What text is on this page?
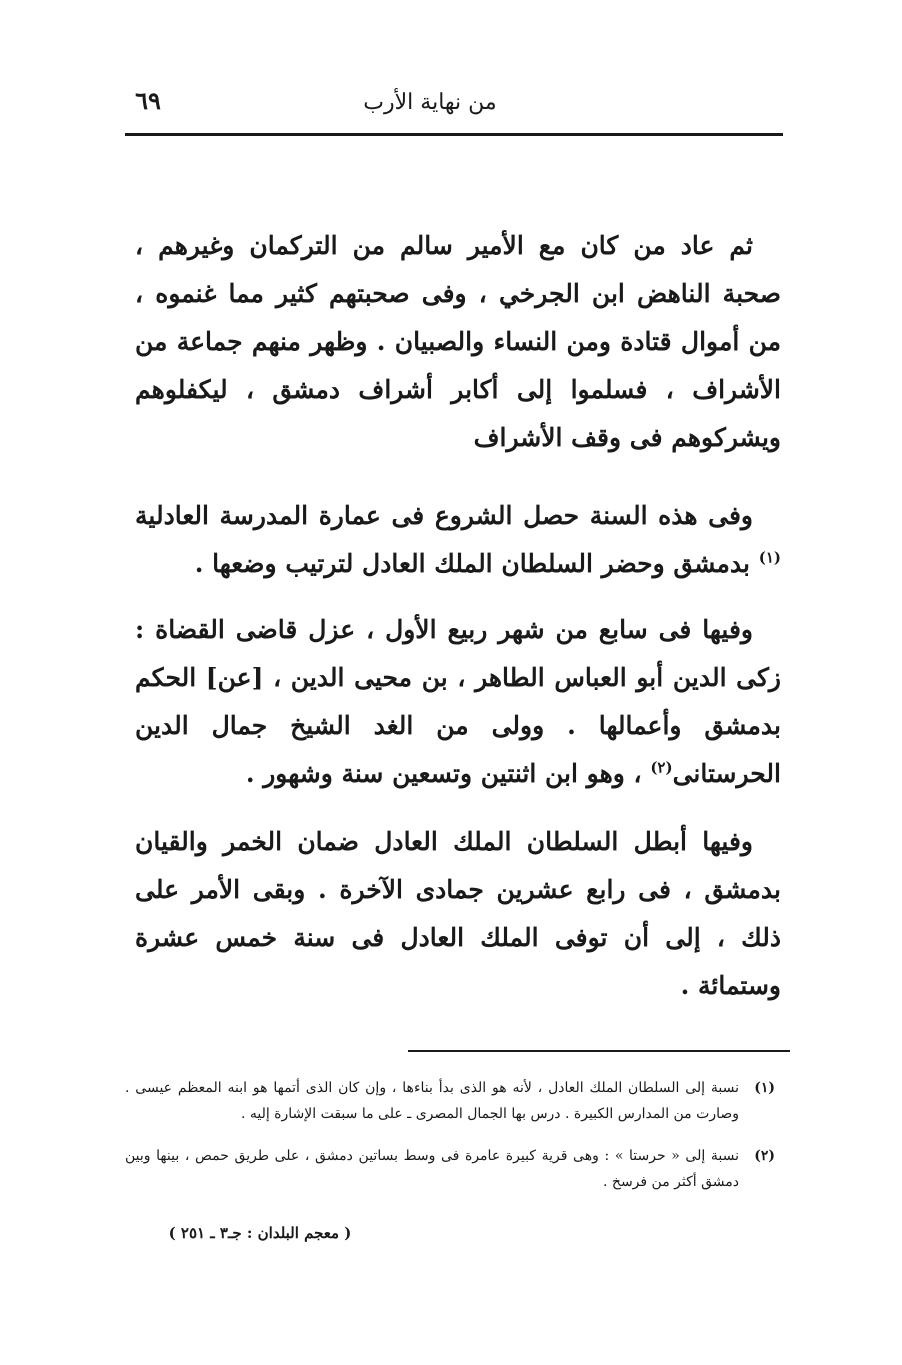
من نهاية الأرب
٦٩

ثم عاد من كان مع الأمير سالم من التركمان وغيرهم ، صحبة الناهض ابن الجرخي ، وفى صحبتهم كثير مما غنموه ، من أموال قتادة ومن النساء والصبيان . وظهر منهم جماعة من الأشراف ، فسلموا إلى أكابر أشراف دمشق ، ليكفلوهم ويشركوهم فى وقف الأشراف

وفى هذه السنة حصل الشروع فى عمارة المدرسة العادلية $^{(١)}$ بدمشق وحضر السلطان الملك العادل لترتيب وضعها .

وفيها فى سابع من شهر ربيع الأول ، عزل قاضى القضاة : زكى الدين أبو العباس الطاهر ، بن محيى الدين ، [عن] الحكم بدمشق وأعمالها . وولى من الغد الشيخ جمال الدين الحرستانى$^{(٢)}$ ، وهو ابن اثنتين وتسعين سنة وشهور .

وفيها أبطل السلطان الملك العادل ضمان الخمر والقيان بدمشق ، فى رابع عشرين جمادى الآخرة . وبقى الأمر على ذلك ، إلى أن توفى الملك العادل فى سنة خمس عشرة وستمائة .

(١)
نسبة إلى السلطان الملك العادل ، لأنه هو الذى بدأ بناءها ، وإن كان الذى أتمها هو ابنه المعظم عيسى . وصارت من المدارس الكبيرة . درس بها الجمال المصرى ـ على ما سبقت الإشارة إليه .
(٢)
نسبة إلى « حرستا » : وهى قرية كبيرة عامرة فى وسط بساتين دمشق ، على طريق حمص ، بينها وبين دمشق أكثر من فرسخ .
( معجم البلدان : جـ٣ ـ ٢٥١ )
